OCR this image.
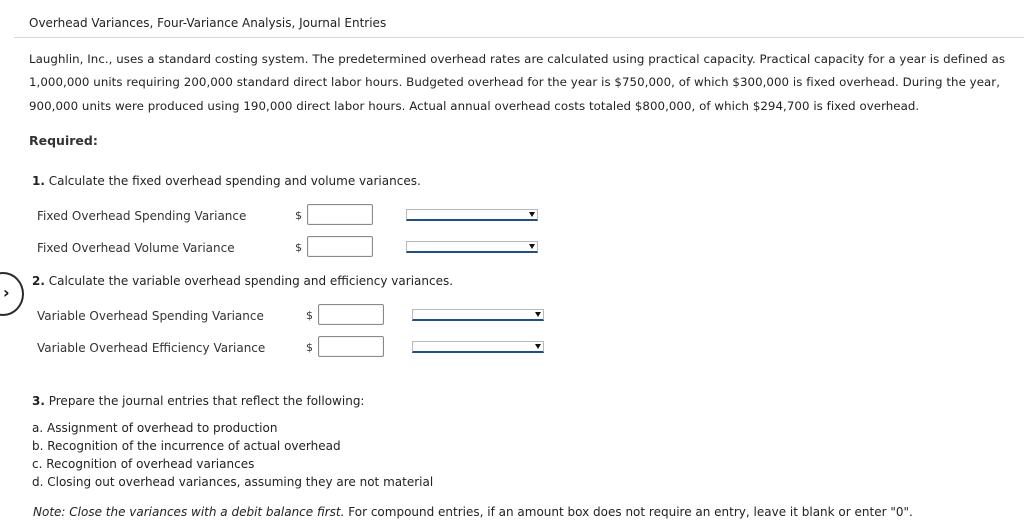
Overhead Variances, Four-Variance Analysis, Journal Entries
Laughlin, Inc., uses a standard costing system. The predetermined overhead rates are calculated using practical capacity. Practical capacity for a year is defined as
1,000,000 units requiring 200,000 standard direct labor hours. Budgeted overhead for the year is $750,000, of which $300,000 is fixed overhead. During the year,
900,000 units were produced using 190,000 direct labor hours. Actual annual overhead costs totaled $800,000, of which $294,700 is fixed overhead.
Required:
1. Calculate the fixed overhead spending and volume variances.
Fixed Overhead Spending Variance	$
Fixed Overhead Volume Variance	$
›
2. Calculate the variable overhead spending and efficiency variances.
Variable Overhead Spending Variance	$
Variable Overhead Efficiency Variance	$
3. Prepare the journal entries that reflect the following:
a. Assignment of overhead to production
b. Recognition of the incurrence of actual overhead
c. Recognition of overhead variances
d. Closing out overhead variances, assuming they are not material
Note: Close the variances with a debit balance first. For compound entries, if an amount box does not require an entry, leave it blank or enter "0".
